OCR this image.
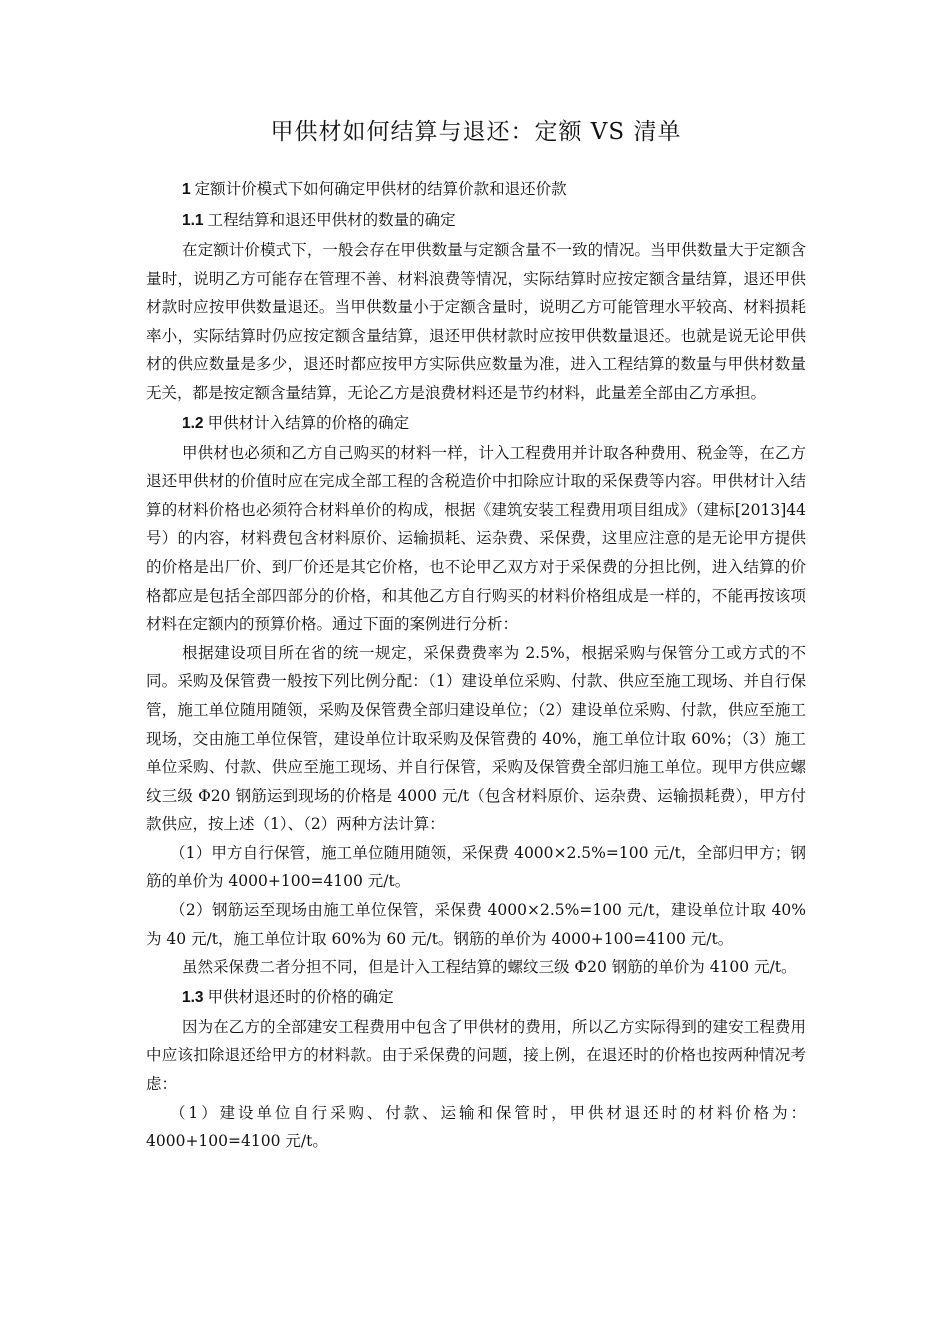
甲供材如何结算与退还：定额 VS 清单

1 定额计价模式下如何确定甲供材的结算价款和退还价款

1.1 工程结算和退还甲供材的数量的确定

在定额计价模式下，一般会存在甲供数量与定额含量不一致的情况。当甲供数量大于定额含量时，说明乙方可能存在管理不善、材料浪费等情况，实际结算时应按定额含量结算，退还甲供材款时应按甲供数量退还。当甲供数量小于定额含量时，说明乙方可能管理水平较高、材料损耗率小，实际结算时仍应按定额含量结算，退还甲供材款时应按甲供数量退还。也就是说无论甲供材的供应数量是多少，退还时都应按甲方实际供应数量为准，进入工程结算的数量与甲供材数量无关，都是按定额含量结算，无论乙方是浪费材料还是节约材料，此量差全部由乙方承担。

1.2 甲供材计入结算的价格的确定

甲供材也必须和乙方自己购买的材料一样，计入工程费用并计取各种费用、税金等，在乙方退还甲供材的价值时应在完成全部工程的含税造价中扣除应计取的采保费等内容。甲供材计入结算的材料价格也必须符合材料单价的构成，根据《建筑安装工程费用项目组成》（建标[2013]44 号）的内容，材料费包含材料原价、运输损耗、运杂费、采保费，这里应注意的是无论甲方提供的价格是出厂价、到厂价还是其它价格，也不论甲乙双方对于采保费的分担比例，进入结算的价格都应是包括全部四部分的价格，和其他乙方自行购买的材料价格组成是一样的，不能再按该项材料在定额内的预算价格。通过下面的案例进行分析：

根据建设项目所在省的统一规定，采保费费率为 2.5%，根据采购与保管分工或方式的不同。采购及保管费一般按下列比例分配：（1）建设单位采购、付款、供应至施工现场、并自行保管，施工单位随用随领，采购及保管费全部归建设单位；（2）建设单位采购、付款，供应至施工现场，交由施工单位保管，建设单位计取采购及保管费的 40%，施工单位计取 60%；（3）施工单位采购、付款、供应至施工现场、并自行保管，采购及保管费全部归施工单位。现甲方供应螺纹三级 Φ20 钢筋运到现场的价格是 4000 元/t（包含材料原价、运杂费、运输损耗费），甲方付款供应，按上述（1）、（2）两种方法计算：

（1）甲方自行保管，施工单位随用随领，采保费 4000×2.5%=100 元/t，全部归甲方；钢筋的单价为 4000+100=4100 元/t。

（2）钢筋运至现场由施工单位保管，采保费 4000×2.5%=100 元/t，建设单位计取 40%为 40 元/t，施工单位计取 60%为 60 元/t。钢筋的单价为 4000+100=4100 元/t。

虽然采保费二者分担不同，但是计入工程结算的螺纹三级 Φ20 钢筋的单价为 4100 元/t。

1.3 甲供材退还时的价格的确定

因为在乙方的全部建安工程费用中包含了甲供材的费用，所以乙方实际得到的建安工程费用中应该扣除退还给甲方的材料款。由于采保费的问题，接上例，在退还时的价格也按两种情况考虑：

（1）建设单位自行采购、付款、运输和保管时，甲供材退还时的材料价格为：4000+100=4100 元/t。
